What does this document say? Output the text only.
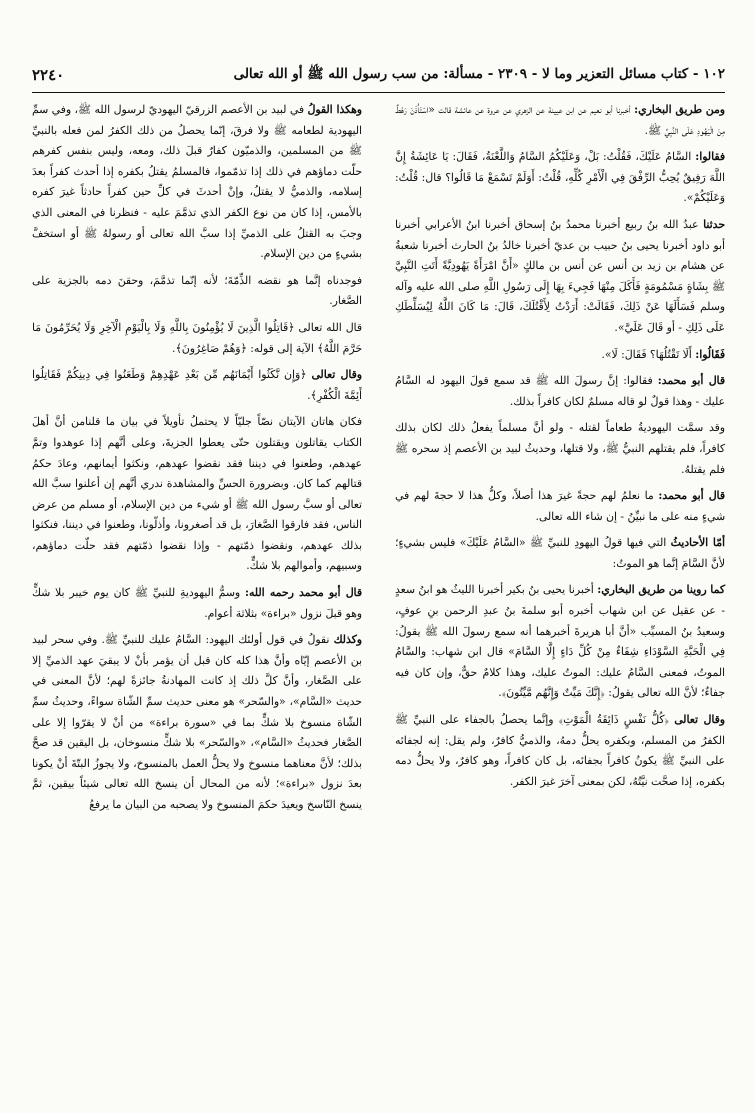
١٠٢ - كتاب مسائل التعزير وما لا - ٢٣٠٩ - مسألة: من سب رسول الله ﷺ أو الله تعالى
٢٢٤٠

ومن طريق البخاري: أخبرنا أبو نعيم عن ابن عيينة عن الزهري عن عروة عن عائشة قالت «اسْتَأْذَنَ رَهْطٌ مِنَ الْيَهُودِ عَلَى النَّبِيِّ ﷺ.

فقالوا: السَّامُ عَلَيْكَ، فَقُلْتُ: بَلْ، وَعَلَيْكُمُ السَّامُ وَاللَّعْنَةُ، فَقَالَ: يَا عَائِشَةُ إِنَّ اللَّهَ رَفِيقٌ يُحِبُّ الرِّفْقَ فِي الْأَمْرِ كُلِّهِ، قُلْتُ: أَوَلَمْ تَسْمَعْ مَا قَالُوا؟ قال: قُلْتُ: وَعَلَيْكُمْ».

حدثنا عبدُ الله بنُ ربيع أخبرنا محمدُ بنُ إسحاق أخبرنا ابنُ الأعرابي أخبرنا أبو داود أخبرنا يحيى بنُ حبيب بن عديّ أخبرنا خالدُ بنُ الحارث أخبرنا شعبةُ عن هشام بن زيد بن أنس عن أنس بن مالكٍ «أَنَّ امْرَأَةً يَهُودِيَّةً أَتَتِ النَّبِيَّ ﷺ بِشَاةٍ مَسْمُومَةٍ فَأَكَلَ مِنْهَا فَجِيءَ بِهَا إِلَى رَسُولِ اللَّهِ صلى الله عليه وآله وسلم فَسَأَلَهَا عَنْ ذَلِكَ، فَقَالَتْ: أَرَدْتُ لِأَقْتُلَكَ، قَالَ: مَا كَانَ اللَّهُ لِيُسَلِّطَكِ عَلَى ذَلِكِ - أو قَالَ عَلَيَّ».

فَقَالُوا: أَلَا تَقْتُلُهَا؟ فَقَالَ: لَا».

قال أبو محمد: فقالوا: إنَّ رسولَ الله ﷺ قد سمع قولَ اليهود له السَّامُ عليك - وهذا قولٌ لو قاله مسلمٌ لكان كافراً بذلك.

وقد سمَّت اليهوديةُ طعاماً لقتله - ولو أنَّ مسلماً يفعلُ ذلك لكان بذلك كافراً، فلم يقتلهم النبيُّ ﷺ، ولا قتلها، وحديثُ لبيد بن الأعصم إذ سحره ﷺ فلم يقتلهُ.

قال أبو محمد: ما نعلمُ لهم حجةً غيرَ هذا أصلاً، وكلُّ هذا لا حجةَ لهم في شيءٍ منه على ما نبيِّنُ - إن شاء الله تعالى.

أمّا الأحاديثُ التي فيها قولُ اليهودِ للنبيِّ ﷺ «السَّامُ عَلَيْكَ» فليس بشيءٍ؛ لأنَّ السَّامَ إنَّما هو الموتُ:

كما روينا من طريق البخاري: أخبرنا يحيى بنُ بكير أخبرنا الليثُ هو ابنُ سعدٍ - عن عقيل عن ابن شهاب أخبره أبو سلمةَ بنُ عبدِ الرحمن بنِ عوفٍ، وسعيدُ بنُ المسيِّب «أنَّ أبا هريرةَ أخبرهما أنه سمع رسولَ الله ﷺ يقولُ: فِي الْحَبَّةِ السَّوْدَاءِ شِفَاءٌ مِنْ كُلِّ دَاءٍ إِلَّا السَّامَ» قال ابن شهاب: والسَّامُ الموتُ، فمعنى السَّامُ عليك: الموتُ عليك، وهذا كلامٌ حقٌّ، وإن كان فيه جفاءٌ؛ لأنَّ الله تعالى يقولُ: ﴿إِنَّكَ مَيِّتٌ وَإِنَّهُم مَّيِّتُونَ﴾.

وقال تعالى ﴿كُلُّ نَفْسٍ ذَائِقَةُ الْمَوْتِ﴾ وإنَّما يحصلُ بالجفاء على النبيِّ ﷺ الكفرُ من المسلم، وبكفره يحلُّ دمهُ، والذميُّ كافرٌ، ولم يقل: إنه لجفائه على النبيِّ ﷺ يكونُ كافراً بجفائه، بل كان كافراً، وهو كافرٌ، ولا يحلُّ دمه بكفره، إذا صحَّت نيَّتُهُ، لكن بمعنى آخرَ غيرَ الكفر.

وهكذا القولُ في لبيد بن الأعصم الزرقيّ اليهوديّ لرسول الله ﷺ، وفي سمِّ اليهودية لطعامه ﷺ ولا فرقَ، إنّما يحصلُ من ذلك الكفرُ لمن فعله بالنبيِّ ﷺ من المسلمين، والذميّون كفارٌ قبلَ ذلك، ومعه، وليس بنفس كفرهم حلّت دماؤهم في ذلك إذا تذمّموا، فالمسلمُ يقتلُ بكفره إذا أحدث كفراً بعدَ إسلامه، والذميُّ لا يقتلُ، وإنْ أحدثَ في كلِّ حين كفراً حادثاً غيرَ كفره بالأمس، إذا كان من نوع الكفر الذي تذمَّمَ عليه - فنظرنا في المعنى الذي وجبَ به القتلُ على الذميِّ إذا سبَّ الله تعالى أو رسولهُ ﷺ أو استخفَّ بشيءٍ من دين الإسلام.

فوجدناه إنَّما هو نقضه الذِّمّةَ؛ لأنه إنّما تذمَّمَ، وحقنَ دمه بالجزية على الصَّغار.

قال الله تعالى ﴿قَاتِلُوا الَّذِينَ لَا يُؤْمِنُونَ بِاللَّهِ وَلَا بِالْيَوْمِ الْآخِرِ وَلَا يُحَرِّمُونَ مَا حَرَّمَ اللَّهُ﴾ الآية إلى قوله: ﴿وَهُمْ صَاغِرُونَ﴾.

وقال تعالى ﴿وَإِن نَّكَثُوا أَيْمَانَهُم مِّن بَعْدِ عَهْدِهِمْ وَطَعَنُوا فِي دِينِكُمْ فَقَاتِلُوا أَئِمَّةَ الْكُفْرِ﴾.

فكان هاتان الآيتان نصّاً جليّاً لا يحتملُ تأويلاً في بيان ما قلنامن أنَّ أهلَ الكتاب يقاتلون ويقتلون حتّى يعطوا الجزيةَ، وعلى أنَّهم إذا عوهدوا وتمَّ عهدهم، وطعنوا في ديننا فقد نقضوا عهدهم، ونكثوا أيمانهم، وعادَ حكمُ قتالهم كما كان. وبضرورة الحسِّ والمشاهدة ندري أنَّهم إن أعلنوا سبَّ الله تعالى أو سبَّ رسول الله ﷺ أو شيء من دين الإسلام، أو مسلم من عرض الناس، فقد فارقوا الصَّغارَ، بل قد أصغرونا، وأذلّونا، وطعنوا في ديننا، فنكثوا بذلك عهدهم، ونقضوا ذمّتهم - وإذا نقضوا ذمّتهم فقد حلّت دماؤهم، وسبيهم، وأموالهم بلا شكٍّ.

قال أبو محمد رحمه الله: وسمُّ اليهوديةِ للنبيِّ ﷺ كان يوم خيبر بلا شكٍّ وهو قبلَ نزول «براءة» بثلاثة أعوام.

وكذلك نقولُ في قول أولئك اليهود: السَّامُ عليك للنبيِّ ﷺ. وفي سحر لبيد بن الأعصم إيّاه وأنَّ هذا كله كان قبل أن يؤمر بأنْ لا يبقيَ عهد الذميِّ إلا على الصَّغار، وأنَّ كلَّ ذلك إذ كانت المهادنةُ جائزةً لهم؛ لأنَّ المعنى في حديث «السَّام»، «والسّحر» هو معنى حديث سمِّ الشّاة سواءً، وحديثُ سمِّ الشّاة منسوخ بلا شكٍّ بما في «سورة براءة» من أنْ لا يقرّوا إلا على الصَّغار فحديثُ «السَّام»، «والسّحر» بلا شكٍّ منسوخان، بل اليقين قد صحَّ بذلك؛ لأنَّ معناهما منسوخ ولا يحلُّ العمل بالمنسوخ، ولا يجوزُ البتّةَ أنْ يكونا بعدَ نزول «براءة»؛ لأنه من المحال أن ينسخ الله تعالى شيئاً بيقين، ثمَّ ينسخ النّاسخ ويعيدَ حكمَ المنسوخ ولا يصحبه من البيان ما يرفعُ
